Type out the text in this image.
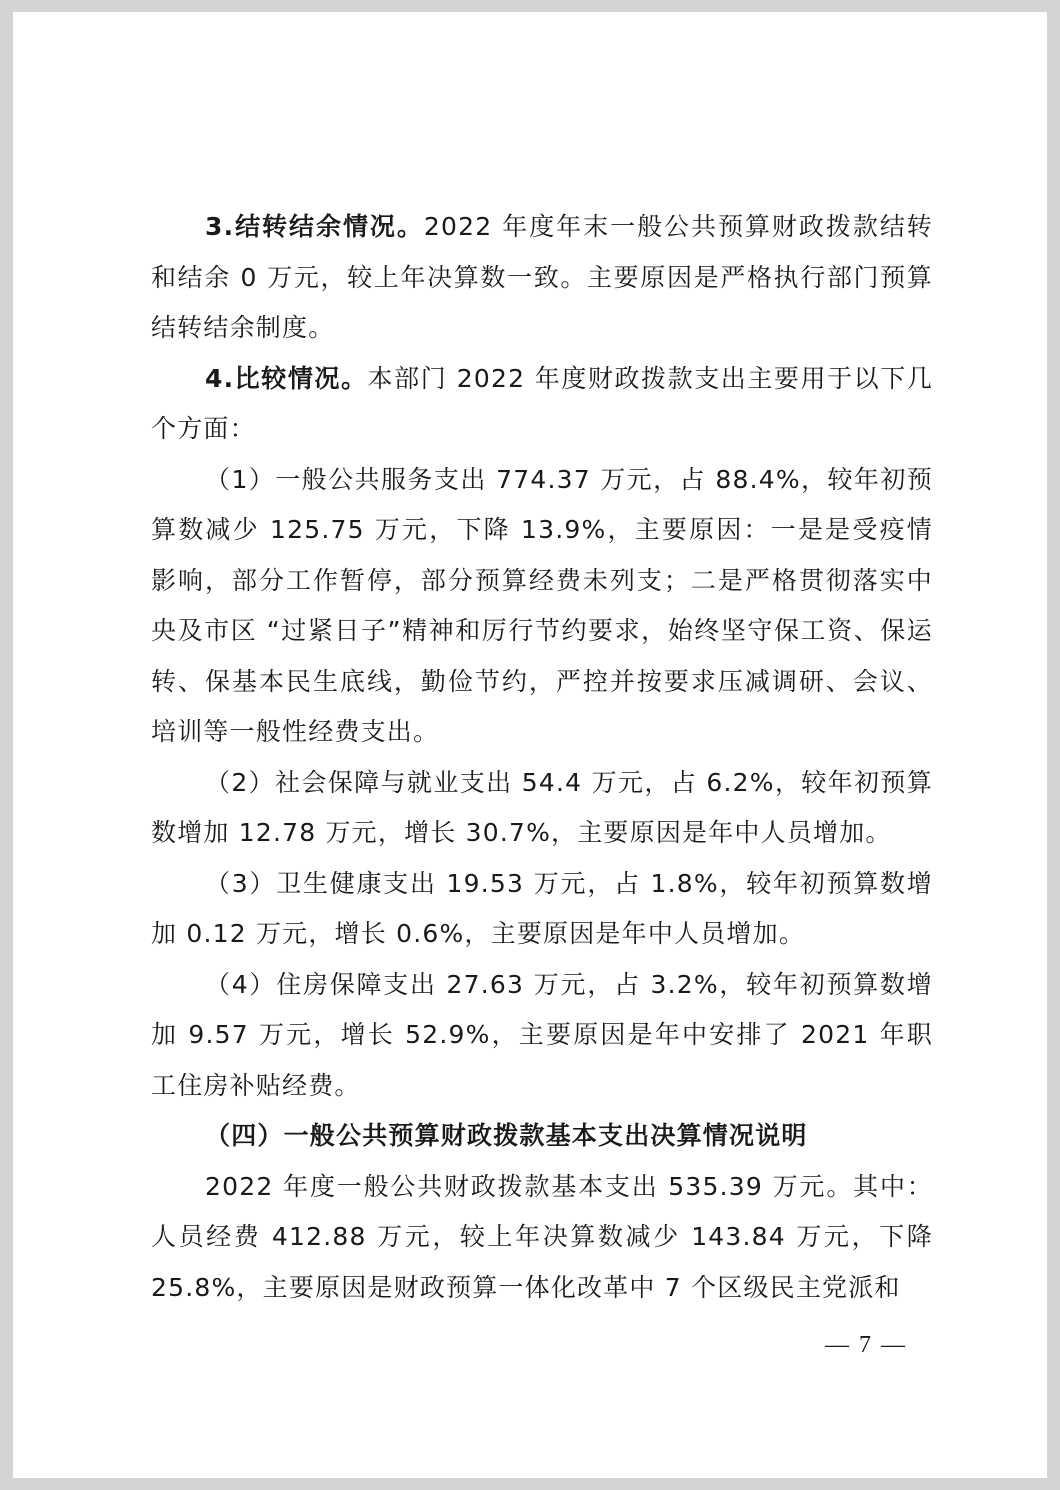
3.结转结余情况。2022 年度年末一般公共预算财政拨款结转和结余 0 万元，较上年决算数一致。主要原因是严格执行部门预算结转结余制度。

4.比较情况。本部门 2022 年度财政拨款支出主要用于以下几个方面：

（1）一般公共服务支出 774.37 万元，占 88.4%，较年初预算数减少 125.75 万元，下降 13.9%，主要原因：一是是受疫情影响，部分工作暂停，部分预算经费未列支；二是严格贯彻落实中央及市区 “过紧日子”精神和厉行节约要求，始终坚守保工资、保运转、保基本民生底线，勤俭节约，严控并按要求压减调研、会议、培训等一般性经费支出。

（2）社会保障与就业支出 54.4 万元，占 6.2%，较年初预算数增加 12.78 万元，增长 30.7%，主要原因是年中人员增加。

（3）卫生健康支出 19.53 万元，占 1.8%，较年初预算数增加 0.12 万元，增长 0.6%，主要原因是年中人员增加。

（4）住房保障支出 27.63 万元，占 3.2%，较年初预算数增加 9.57 万元，增长 52.9%，主要原因是年中安排了 2021 年职工住房补贴经费。

（四）一般公共预算财政拨款基本支出决算情况说明

2022 年度一般公共财政拨款基本支出 535.39 万元。其中：人员经费 412.88 万元，较上年决算数减少 143.84 万元，下降 25.8%，主要原因是财政预算一体化改革中 7 个区级民主党派和

— 7 —
